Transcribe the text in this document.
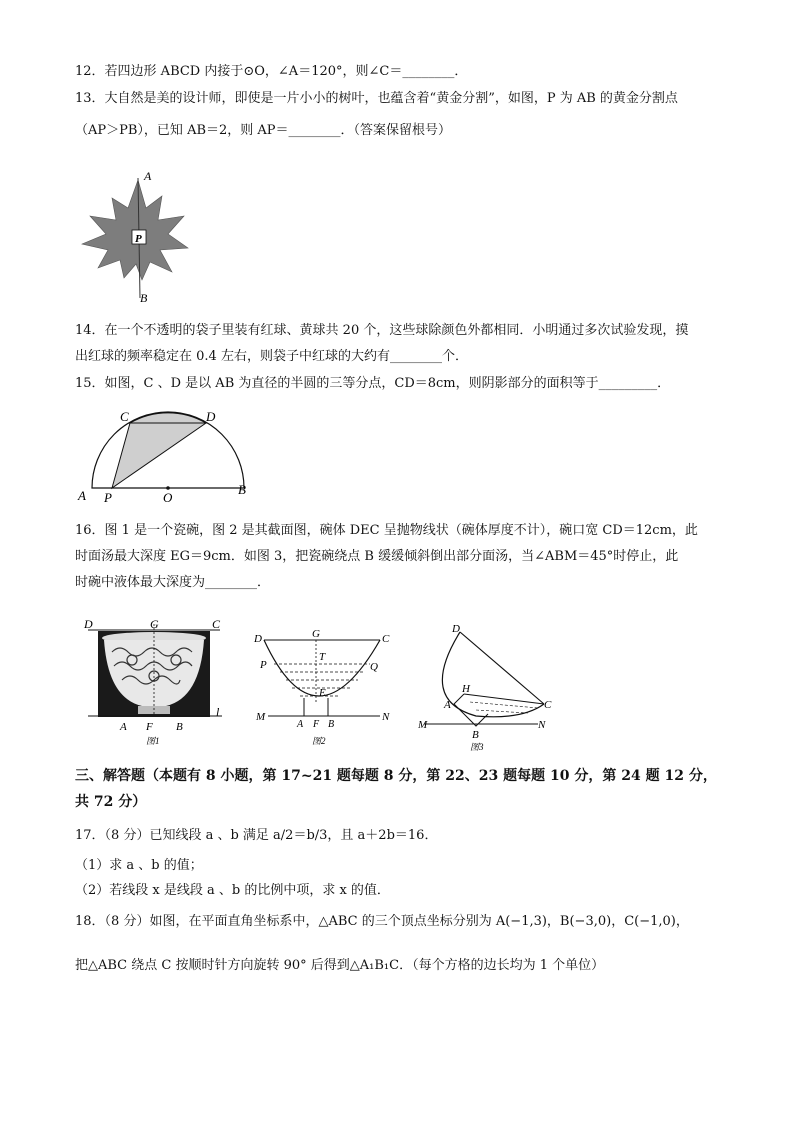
12．若四边形 ABCD 内接于⊙O，∠A＝120°，则∠C＝________．
13．大自然是美的设计师，即使是一片小小的树叶，也蕴含着“黄金分割”，如图，P 为 AB 的黄金分割点
（AP＞PB），已知 AB＝2，则 AP＝________．（答案保留根号）
P
A
B
14．在一个不透明的袋子里装有红球、黄球共 20 个，这些球除颜色外都相同．小明通过多次试验发现，摸
出红球的频率稳定在 0.4 左右，则袋子中红球的大约有________个．
15．如图，C 、D 是以 AB 为直径的半圆的三等分点，CD＝8cm，则阴影部分的面积等于_________．
C	D
A P	O
B
16．图 1 是一个瓷碗，图 2 是其截面图，碗体 DEC 呈抛物线状（碗体厚度不计），碗口宽 CD＝12cm，此
时面汤最大深度 EG＝9cm．如图 3，把瓷碗绕点 B 缓缓倾斜倒出部分面汤，当∠ABM＝45°时停止，此
时碗中液体最大深度为________．
D	G	C
A F B
l
图1
D	G	C
P
T
Q
E
M
A F B
N
图2
D
H
C
A
B
M	N
图3
三、解答题（本题有 8 小题，第 17~21 题每题 8 分，第 22、23 题每题 10 分，第 24 题 12 分，
共 72 分）
17．（8 分）已知线段 a 、b 满足 a/2＝b/3，且 a＋2b＝16．
（1）求 a 、b 的值；
（2）若线段 x 是线段 a 、b 的比例中项，求 x 的值．
18．（8 分）如图，在平面直角坐标系中，△ABC 的三个顶点坐标分别为 A(−1,3)，B(−3,0)，C(−1,0)，
把△ABC 绕点 C 按顺时针方向旋转 90° 后得到△A₁B₁C．（每个方格的边长均为 1 个单位）
